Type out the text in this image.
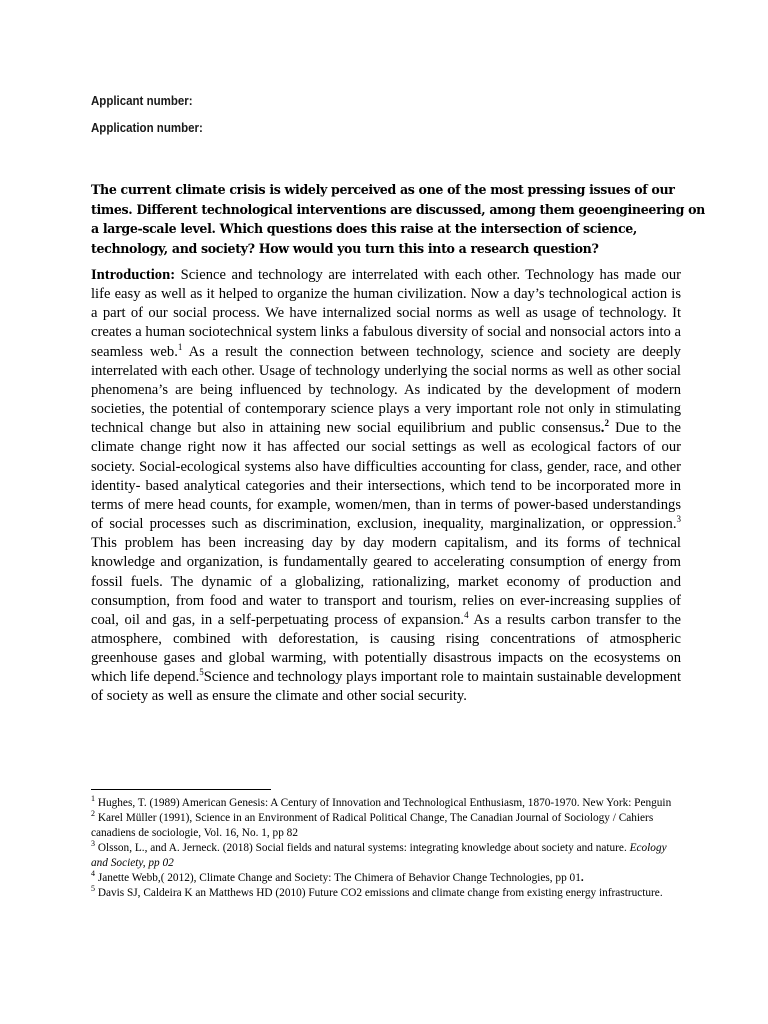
Applicant number:
Application number:
The current climate crisis is widely perceived as one of the most pressing issues of our times. Different technological interventions are discussed, among them geoengineering on a large-scale level. Which questions does this raise at the intersection of science, technology, and society? How would you turn this into a research question?

Introduction: Science and technology are interrelated with each other. Technology has made our life easy as well as it helped to organize the human civilization. Now a day’s technological action is a part of our social process. We have internalized social norms as well as usage of technology. It creates a human sociotechnical system links a fabulous diversity of social and nonsocial actors into a seamless web.$^1$ As a result the connection between technology, science and society are deeply interrelated with each other. Usage of technology underlying the social norms as well as other social phenomena’s are being influenced by technology. As indicated by the development of modern societies, the potential of contemporary science plays a very important role not only in stimulating technical change but also in attaining new social equilibrium and public consensus.$^2$ Due to the climate change right now it has affected our social settings as well as ecological factors of our society. Social-ecological systems also have difficulties accounting for class, gender, race, and other identity- based analytical categories and their intersections, which tend to be incorporated more in terms of mere head counts, for example, women/men, than in terms of power-based understandings of social processes such as discrimination, exclusion, inequality, marginalization, or oppression.$^3$ This problem has been increasing day by day modern capitalism, and its forms of technical knowledge and organization, is fundamentally geared to accelerating consumption of energy from fossil fuels. The dynamic of a globalizing, rationalizing, market economy of production and consumption, from food and water to transport and tourism, relies on ever-increasing supplies of coal, oil and gas, in a self-perpetuating process of expansion.$^4$ As a results carbon transfer to the atmosphere, combined with deforestation, is causing rising concentrations of atmospheric greenhouse gases and global warming, with potentially disastrous impacts on the ecosystems on which life depend.$^5$Science and technology plays important role to maintain sustainable development of society as well as ensure the climate and other social security.

$^1$ Hughes, T. (1989) American Genesis: A Century of Innovation and Technological Enthusiasm, 1870-1970. New York: Penguin

$^2$ Karel Müller (1991), Science in an Environment of Radical Political Change, The Canadian Journal of Sociology / Cahiers canadiens de sociologie, Vol. 16, No. 1, pp 82

$^3$ Olsson, L., and A. Jerneck. (2018) Social fields and natural systems: integrating knowledge about society and nature. Ecology and Society, pp 02

$^4$ Janette Webb,( 2012), Climate Change and Society: The Chimera of Behavior Change Technologies, pp 01.

$^5$ Davis SJ, Caldeira K an Matthews HD (2010) Future CO2 emissions and climate change from existing energy infrastructure.
